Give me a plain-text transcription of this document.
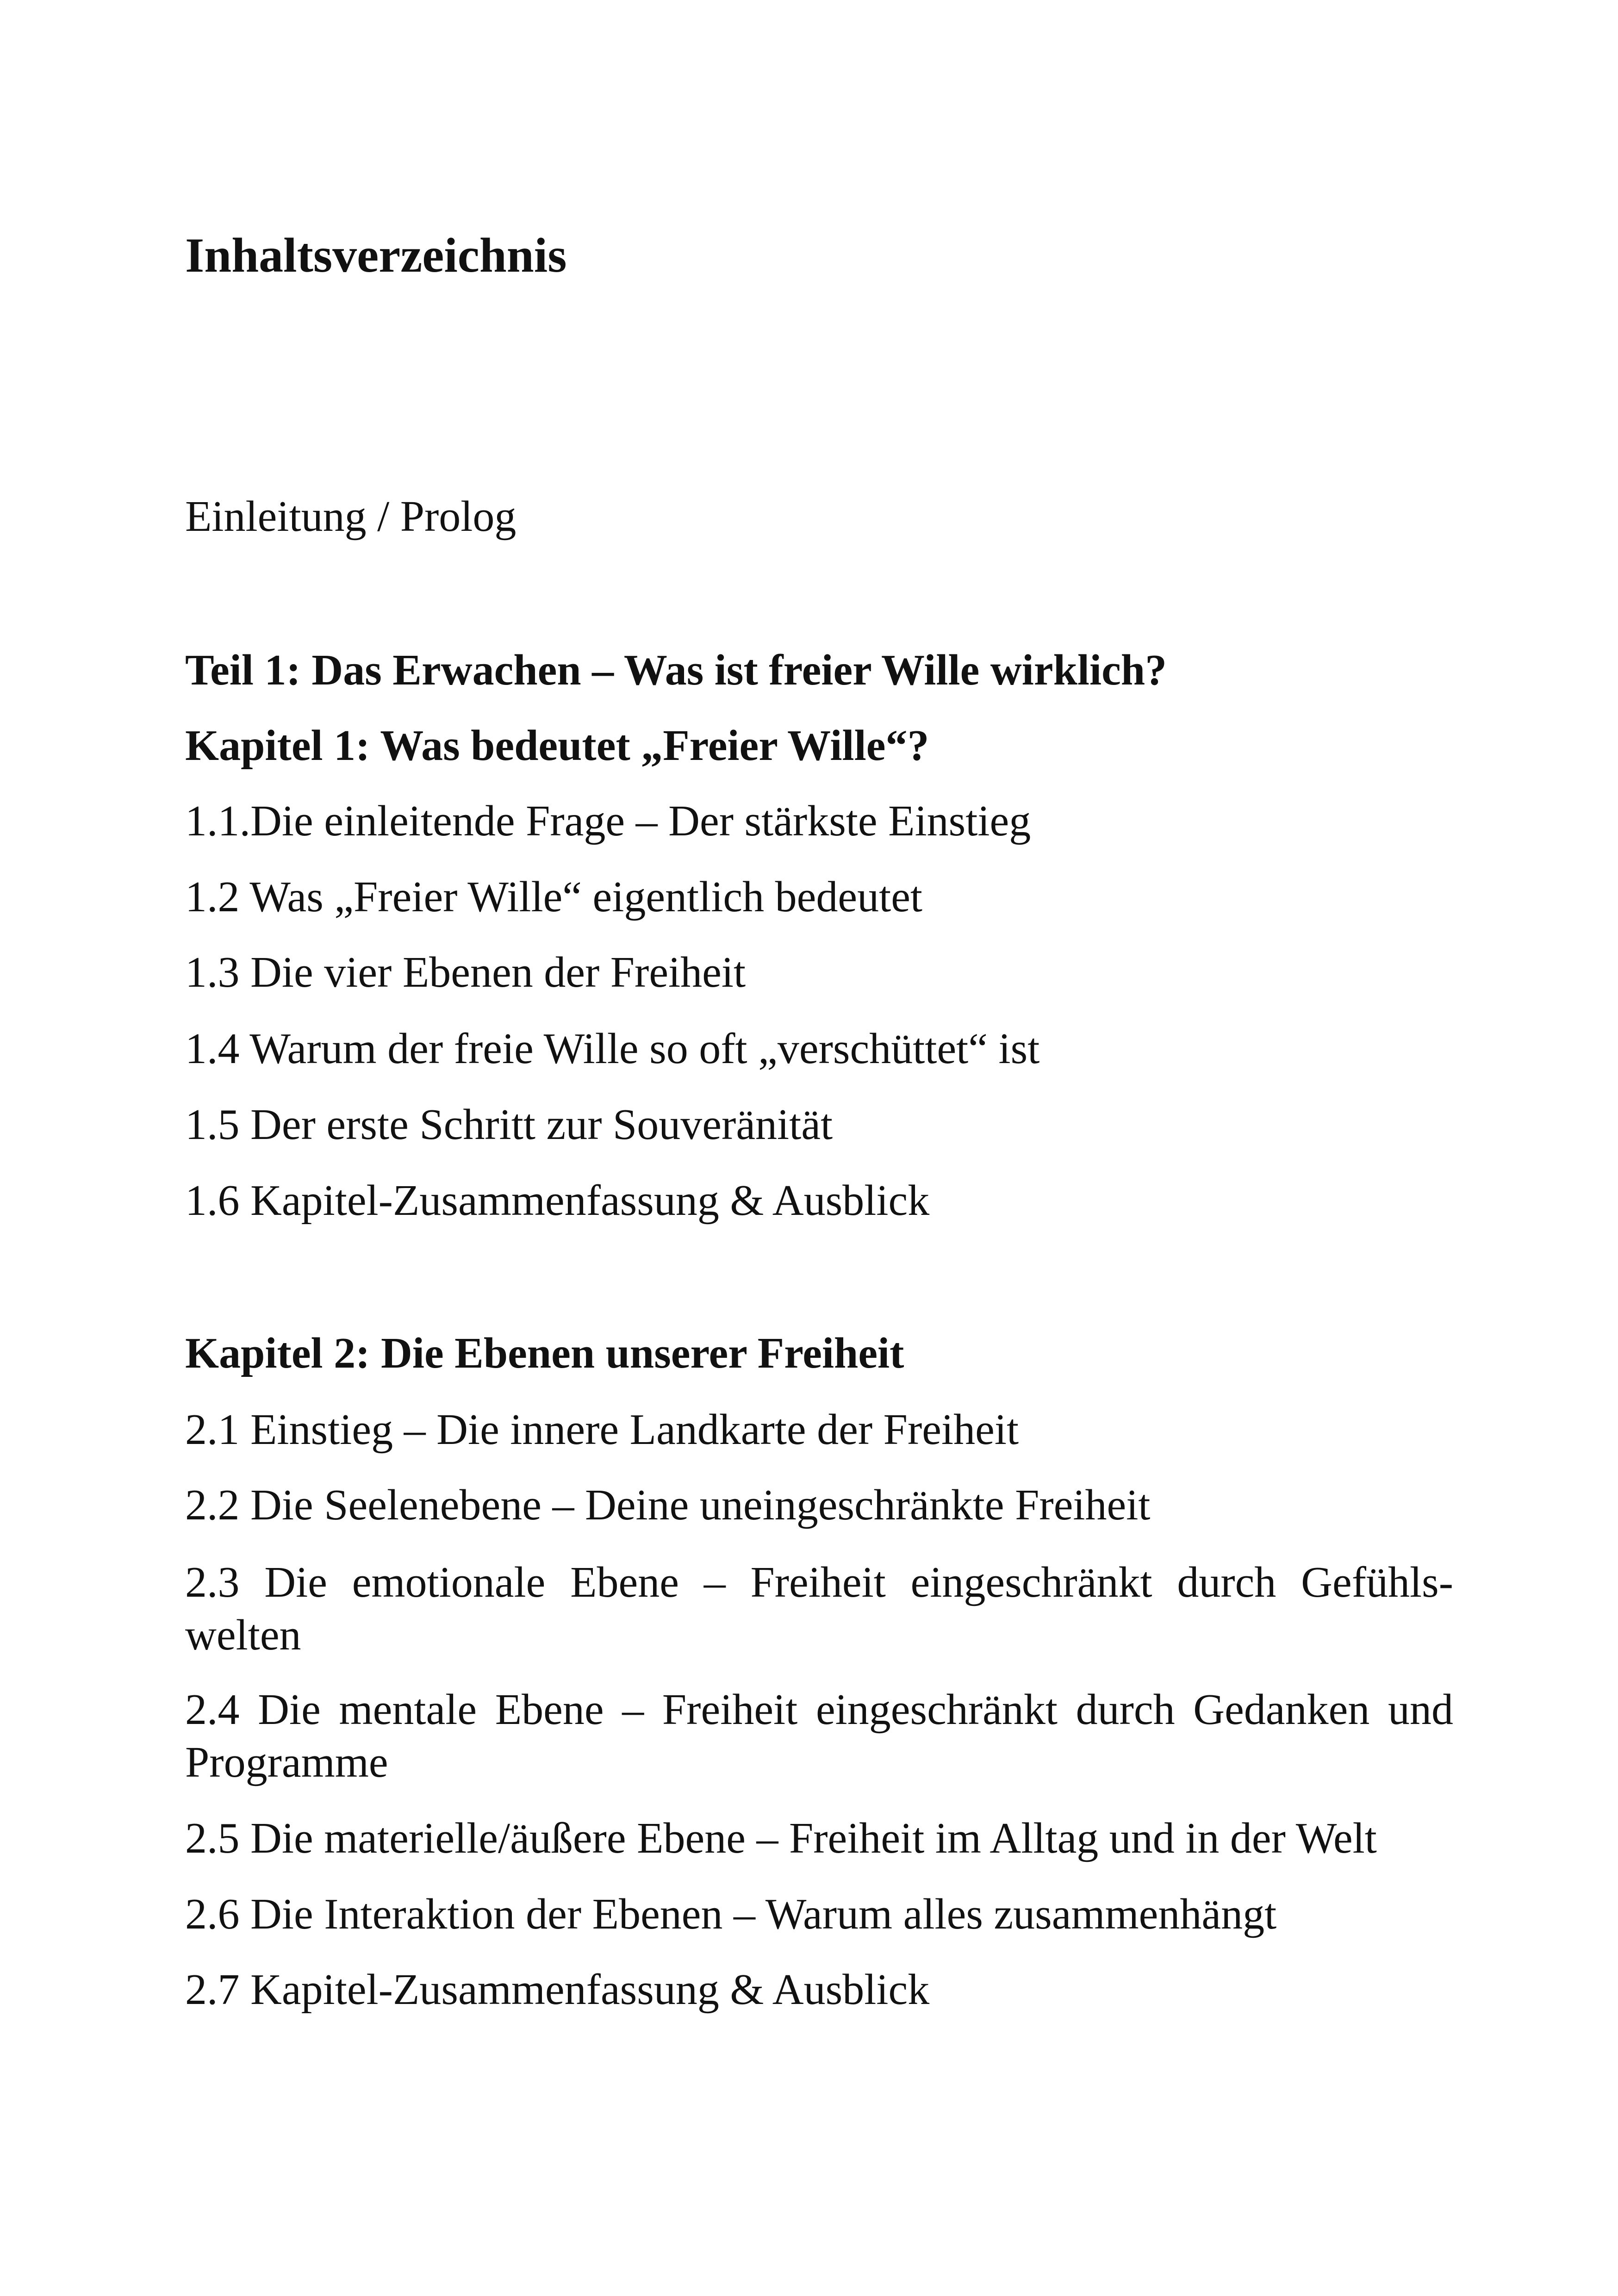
Inhaltsverzeichnis
Einleitung / Prolog
Teil 1: Das Erwachen – Was ist freier Wille wirklich?
Kapitel 1: Was bedeutet „Freier Wille“?
1.1.Die einleitende Frage – Der stärkste Einstieg
1.2 Was „Freier Wille“ eigentlich bedeutet
1.3 Die vier Ebenen der Freiheit
1.4 Warum der freie Wille so oft „verschüttet“ ist
1.5 Der erste Schritt zur Souveränität
1.6 Kapitel-Zusammenfassung & Ausblick
Kapitel 2: Die Ebenen unserer Freiheit
2.1 Einstieg – Die innere Landkarte der Freiheit
2.2 Die Seelenebene – Deine uneingeschränkte Freiheit
2.3 Die emotionale Ebene – Freiheit eingeschränkt durch Gefühls-welten
2.4 Die mentale Ebene – Freiheit eingeschränkt durch Gedanken und Programme
2.5 Die materielle/äußere Ebene – Freiheit im Alltag und in der Welt
2.6 Die Interaktion der Ebenen – Warum alles zusammenhängt
2.7 Kapitel-Zusammenfassung & Ausblick
